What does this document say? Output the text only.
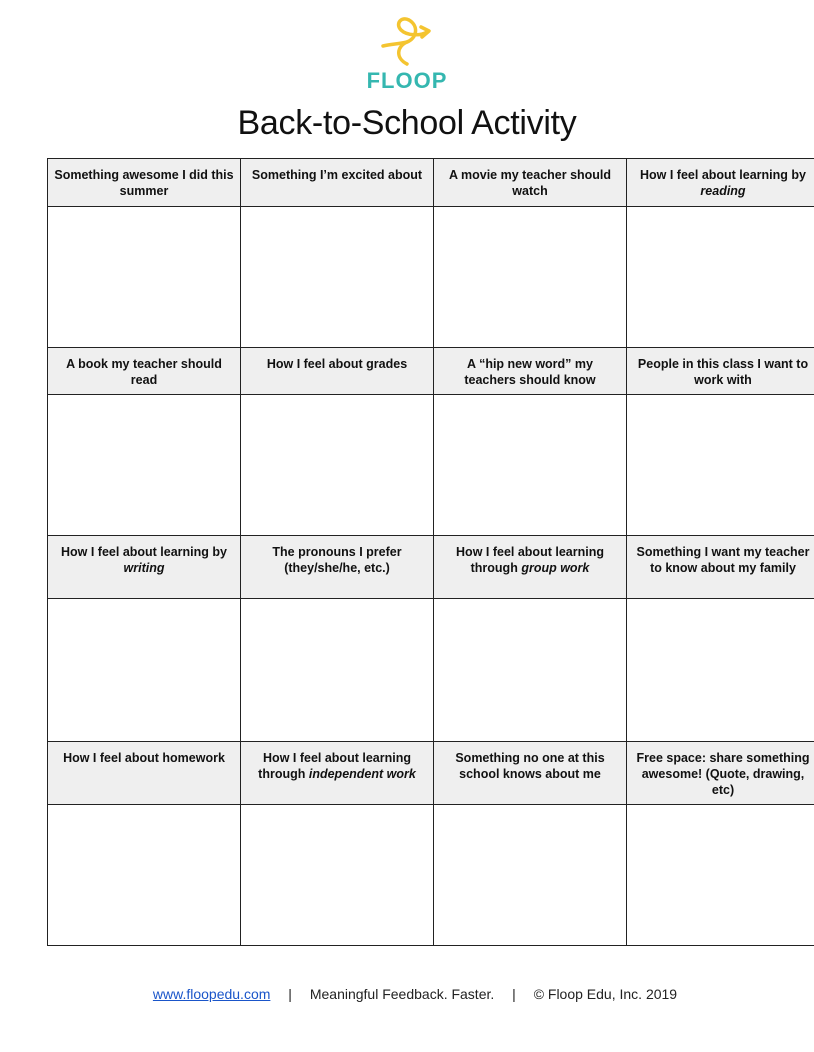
FLOOP
Back-to-School Activity
Something awesome I did this summer	Something I’m excited about	A movie my teacher should watch	How I feel about learning by reading

A book my teacher should read	How I feel about grades	A “hip new word” my teachers should know	People in this class I want to work with

How I feel about learning by writing	The pronouns I prefer (they/she/he, etc.)	How I feel about learning through group work	Something I want my teacher to know about my family

How I feel about homework	How I feel about learning through independent work	Something no one at this school knows about me	Free space: share something awesome! (Quote, drawing, etc)

www.floopedu.com | Meaningful Feedback. Faster. | © Floop Edu, Inc. 2019
